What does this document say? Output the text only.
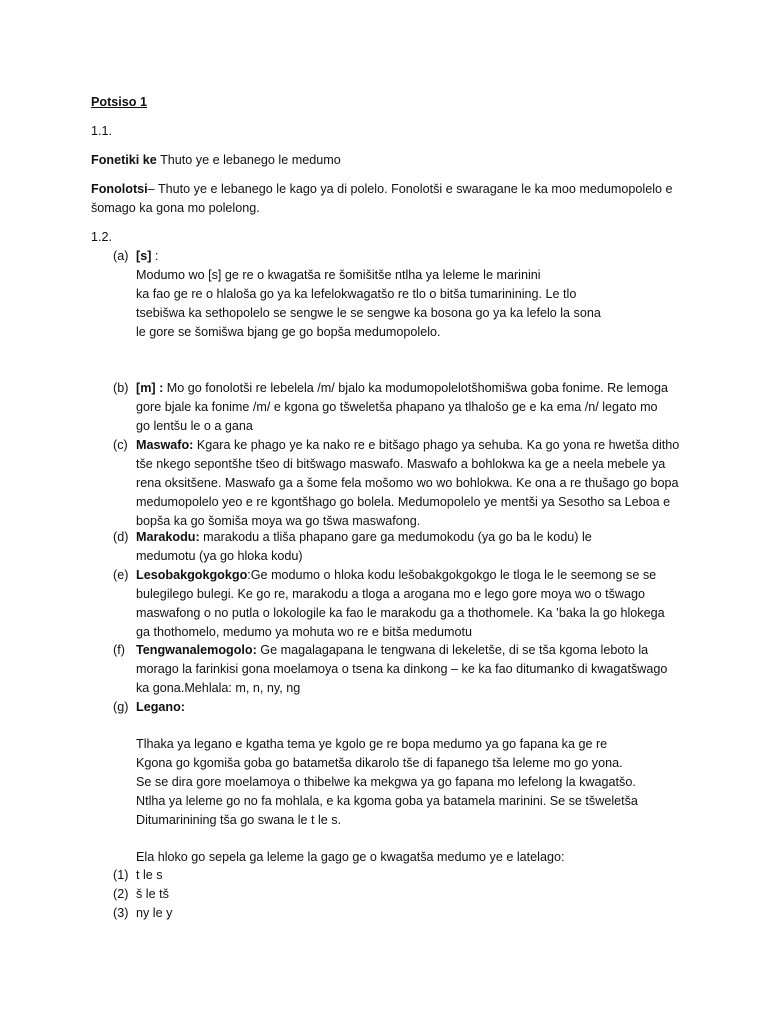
Potsiso 1
1.1.
Fonetiki ke Thuto ye e lebanego le medumo
Fonolotsi– Thuto ye e lebanego le kago ya di polelo. Fonolotši e swaragane le ka moo medumopolelo e
šomago ka gona mo polelong.
1.2.
(a) [s] :
Modumo wo [s] ge re o kwagatša re šomišitše ntlha ya leleme le marinini
ka fao ge re o hlaloša go ya ka lefelokwagatšo re tlo o bitša tumarinining. Le tlo
tsebišwa ka sethopolelo se sengwe le se sengwe ka bosona go ya ka lefelo la sona
le gore se šomišwa bjang ge go bopša medumopolelo.
(b) [m] : Mo go fonolotši re lebelela /m/ bjalo ka modumopolelotšhomišwa goba fonime. Re lemoga
gore bjale ka fonime /m/ e kgona go tšweletša phapano ya tlhalošo ge e ka ema /n/ legato mo
go lentšu le o a gana
(c) Maswafo: Kgara ke phago ye ka nako re e bitšago phago ya sehuba. Ka go yona re hwetša ditho
tše nkego sepontšhe tšeo di bitšwago maswafo. Maswafo a bohlokwa ka ge a neela mebele ya
rena oksitšene. Maswafo ga a šome fela mošomo wo wo bohlokwa. Ke ona a re thušago go bopa
medumopolelo yeo e re kgontšhago go bolela. Medumopolelo ye mentši ya Sesotho sa Leboa e
bopša ka go šomiša moya wa go tšwa maswafong.
(d) Marakodu: marakodu a tliša phapano gare ga medumokodu (ya go ba le kodu) le
medumotu (ya go hloka kodu)
(e) Lesobakgokgokgo:Ge modumo o hloka kodu lešobakgokgokgo le tloga le le seemong se se
bulegilego bulegi. Ke go re, marakodu a tloga a arogana mo e lego gore moya wo o tšwago
maswafong o no putla o lokologile ka fao le marakodu ga a thothomele. Ka ’baka la go hlokega
ga thothomelo, medumo ya mohuta wo re e bitša medumotu
(f) Tengwanalemogolo: Ge magalagapana le tengwana di lekeletše, di se tša kgoma leboto la
morago la farinkisi gona moelamoya o tsena ka dinkong – ke ka fao ditumanko di kwagatšwago
ka gona.Mehlala: m, n, ny, ng
(g) Legano:
Tlhaka ya legano e kgatha tema ye kgolo ge re bopa medumo ya go fapana ka ge re
Kgona go kgomiša goba go batametša dikarolo tše di fapanego tša leleme mo go yona.
Se se dira gore moelamoya o thibelwe ka mekgwa ya go fapana mo lefelong la kwagatšo.
Ntlha ya leleme go no fa mohlala, e ka kgoma goba ya batamela marinini. Se se tšweletša
Ditumarinining tša go swana le t le s.
Ela hloko go sepela ga leleme la gago ge o kwagatša medumo ye e latelago:
(1) t le s
(2) š le tš
(3) ny le y
